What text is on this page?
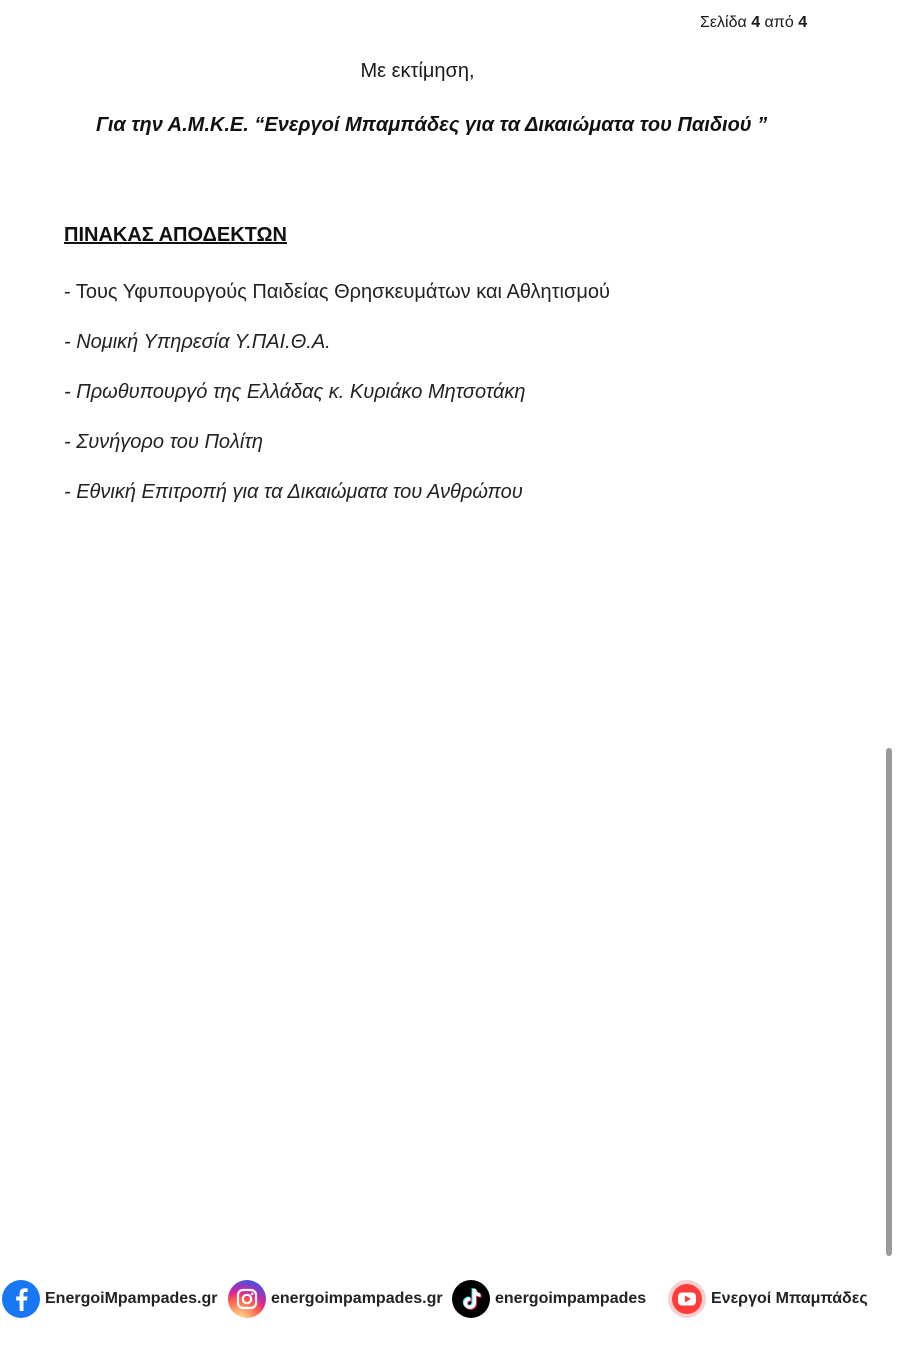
Σελίδα 4 από 4
Με εκτίμηση,
Για την Α.Μ.Κ.Ε. “Ενεργοί Μπαμπάδες για τα Δικαιώματα του Παιδιού ”
ΠΙΝΑΚΑΣ ΑΠΟΔΕΚΤΩΝ
- Τους Υφυπουργούς Παιδείας Θρησκευμάτων και Αθλητισμού
- Νομική Υπηρεσία Υ.ΠΑΙ.Θ.Α.
- Πρωθυπουργό της Ελλάδας κ. Κυριάκο Μητσοτάκη
- Συνήγορο του Πολίτη
- Εθνική Επιτροπή για τα Δικαιώματα του Ανθρώπου
EnergoiMpampades.gr	energoimpampades.gr	energoimpampades	Ενεργοί Μπαμπάδες
